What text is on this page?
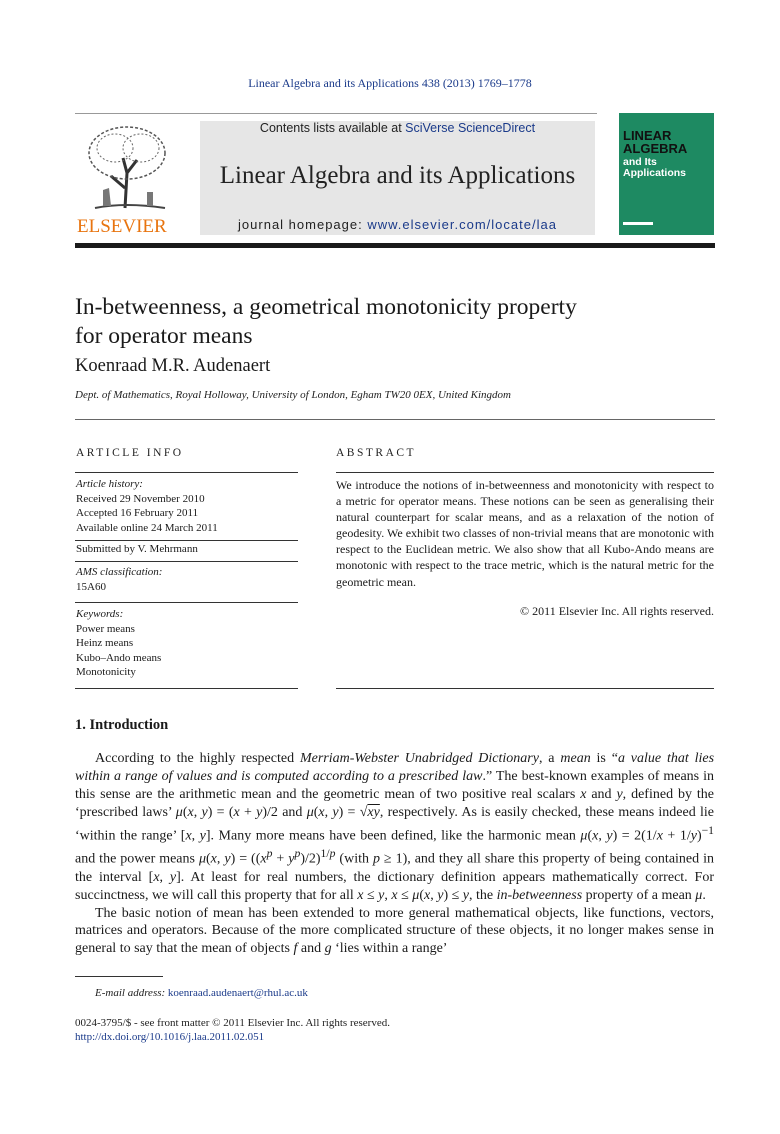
Linear Algebra and its Applications 438 (2013) 1769–1778
ELSEVIER
Contents lists available at SciVerse ScienceDirect
Linear Algebra and its Applications
journal homepage: www.elsevier.com/locate/laa
LINEAR
ALGEBRA
and Its
Applications
In-betweenness, a geometrical monotonicity property
for operator means
Koenraad M.R. Audenaert
Dept. of Mathematics, Royal Holloway, University of London, Egham TW20 0EX, United Kingdom
ARTICLE INFO	ABSTRACT
Article history:
Received 29 November 2010
Accepted 16 February 2011
Available online 24 March 2011
Submitted by V. Mehrmann
AMS classification:
15A60
Keywords:
Power means
Heinz means
Kubo–Ando means
Monotonicity
We introduce the notions of in-betweenness and monotonicity with respect to a metric for operator means. These notions can be seen as generalising their natural counterpart for scalar means, and as a relaxation of the notion of geodesity. We exhibit two classes of non-trivial means that are monotonic with respect to the Euclidean metric. We also show that all Kubo-Ando means are monotonic with respect to the trace metric, which is the natural metric for the geometric mean.
© 2011 Elsevier Inc. All rights reserved.
1. Introduction

According to the highly respected Merriam-Webster Unabridged Dictionary, a mean is “a value that lies within a range of values and is computed according to a prescribed law.” The best-known examples of means in this sense are the arithmetic mean and the geometric mean of two positive real scalars x and y, defined by the ‘prescribed laws’ μ(x, y) = (x + y)/2 and μ(x, y) = √xy, respectively. As is easily checked, these means indeed lie ‘within the range’ [x, y]. Many more means have been defined, like the harmonic mean μ(x, $y) = 2(1/x + 1/y)^{-1}$ and the power means μ(x, $y) = ((x^p + y^p)/2)^{1/p}$ (with p ≥ 1), and they all share this property of being contained in the interval [x, y]. At least for real numbers, the dictionary definition appears mathematically correct. For succinctness, we will call this property that for all x ≤ y, x ≤ μ(x, y) ≤ y, the in-betweenness property of a mean μ.

The basic notion of mean has been extended to more general mathematical objects, like functions, vectors, matrices and operators. Because of the more complicated structure of these objects, it no longer makes sense in general to say that the mean of objects f and g ‘lies within a range’

E-mail address: koenraad.audenaert@rhul.ac.uk
0024-3795/$ - see front matter © 2011 Elsevier Inc. All rights reserved.
http://dx.doi.org/10.1016/j.laa.2011.02.051
